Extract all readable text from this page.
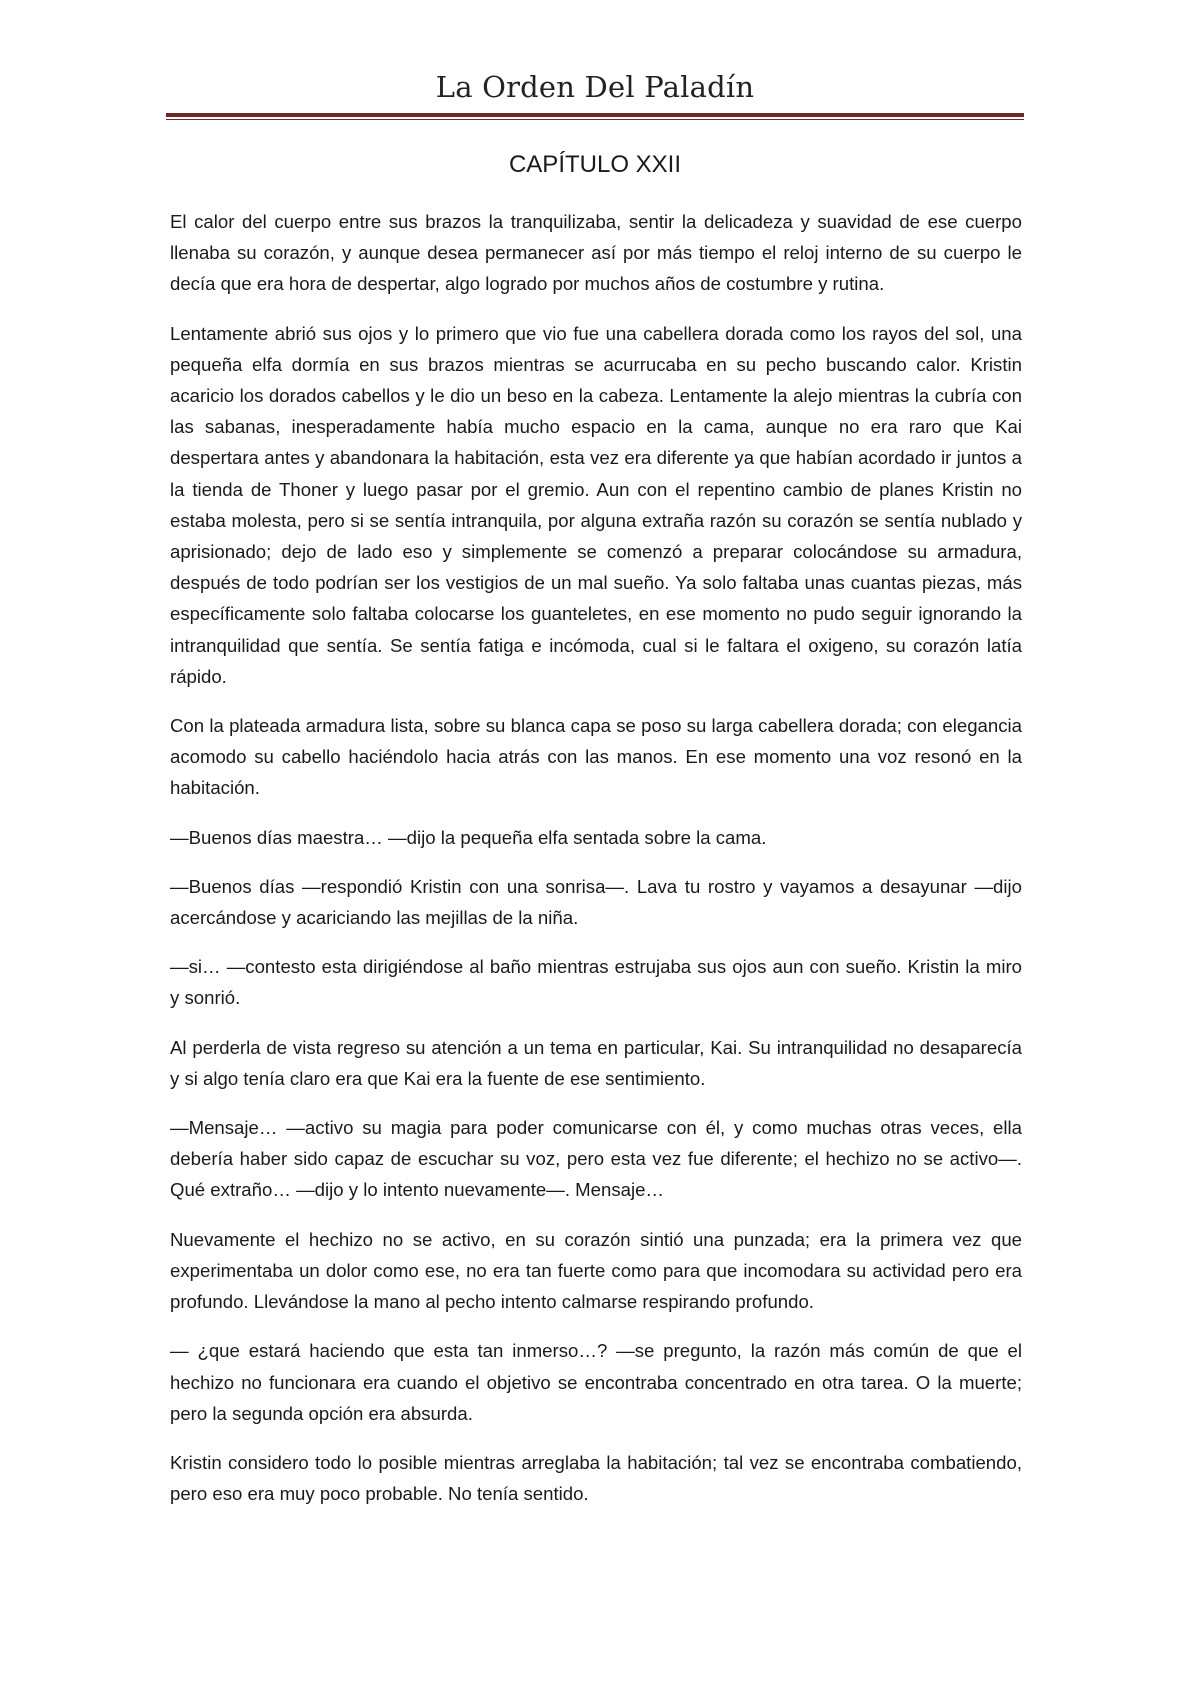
La Orden Del Paladín
CAPÍTULO XXII

El calor del cuerpo entre sus brazos la tranquilizaba, sentir la delicadeza y suavidad de ese cuerpo llenaba su corazón, y aunque desea permanecer así por más tiempo el reloj interno de su cuerpo le decía que era hora de despertar, algo logrado por muchos años de costumbre y rutina.

Lentamente abrió sus ojos y lo primero que vio fue una cabellera dorada como los rayos del sol, una pequeña elfa dormía en sus brazos mientras se acurrucaba en su pecho buscando calor. Kristin acaricio los dorados cabellos y le dio un beso en la cabeza. Lentamente la alejo mientras la cubría con las sabanas, inesperadamente había mucho espacio en la cama, aunque no era raro que Kai despertara antes y abandonara la habitación, esta vez era diferente ya que habían acordado ir juntos a la tienda de Thoner y luego pasar por el gremio. Aun con el repentino cambio de planes Kristin no estaba molesta, pero si se sentía intranquila, por alguna extraña razón su corazón se sentía nublado y aprisionado; dejo de lado eso y simplemente se comenzó a preparar colocándose su armadura, después de todo podrían ser los vestigios de un mal sueño. Ya solo faltaba unas cuantas piezas, más específicamente solo faltaba colocarse los guanteletes, en ese momento no pudo seguir ignorando la intranquilidad que sentía. Se sentía fatiga e incómoda, cual si le faltara el oxigeno, su corazón latía rápido.

Con la plateada armadura lista, sobre su blanca capa se poso su larga cabellera dorada; con elegancia acomodo su cabello haciéndolo hacia atrás con las manos. En ese momento una voz resonó en la habitación.

—Buenos días maestra… —dijo la pequeña elfa sentada sobre la cama.

—Buenos días —respondió Kristin con una sonrisa—. Lava tu rostro y vayamos a desayunar —dijo acercándose y acariciando las mejillas de la niña.

—si… —contesto esta dirigiéndose al baño mientras estrujaba sus ojos aun con sueño. Kristin la miro y sonrió.

Al perderla de vista regreso su atención a un tema en particular, Kai. Su intranquilidad no desaparecía y si algo tenía claro era que Kai era la fuente de ese sentimiento.

—Mensaje… —activo su magia para poder comunicarse con él, y como muchas otras veces, ella debería haber sido capaz de escuchar su voz, pero esta vez fue diferente; el hechizo no se activo—. Qué extraño… —dijo y lo intento nuevamente—. Mensaje…

Nuevamente el hechizo no se activo, en su corazón sintió una punzada; era la primera vez que experimentaba un dolor como ese, no era tan fuerte como para que incomodara su actividad pero era profundo. Llevándose la mano al pecho intento calmarse respirando profundo.

— ¿que estará haciendo que esta tan inmerso…? —se pregunto, la razón más común de que el hechizo no funcionara era cuando el objetivo se encontraba concentrado en otra tarea. O la muerte; pero la segunda opción era absurda.

Kristin considero todo lo posible mientras arreglaba la habitación; tal vez se encontraba combatiendo, pero eso era muy poco probable. No tenía sentido.
